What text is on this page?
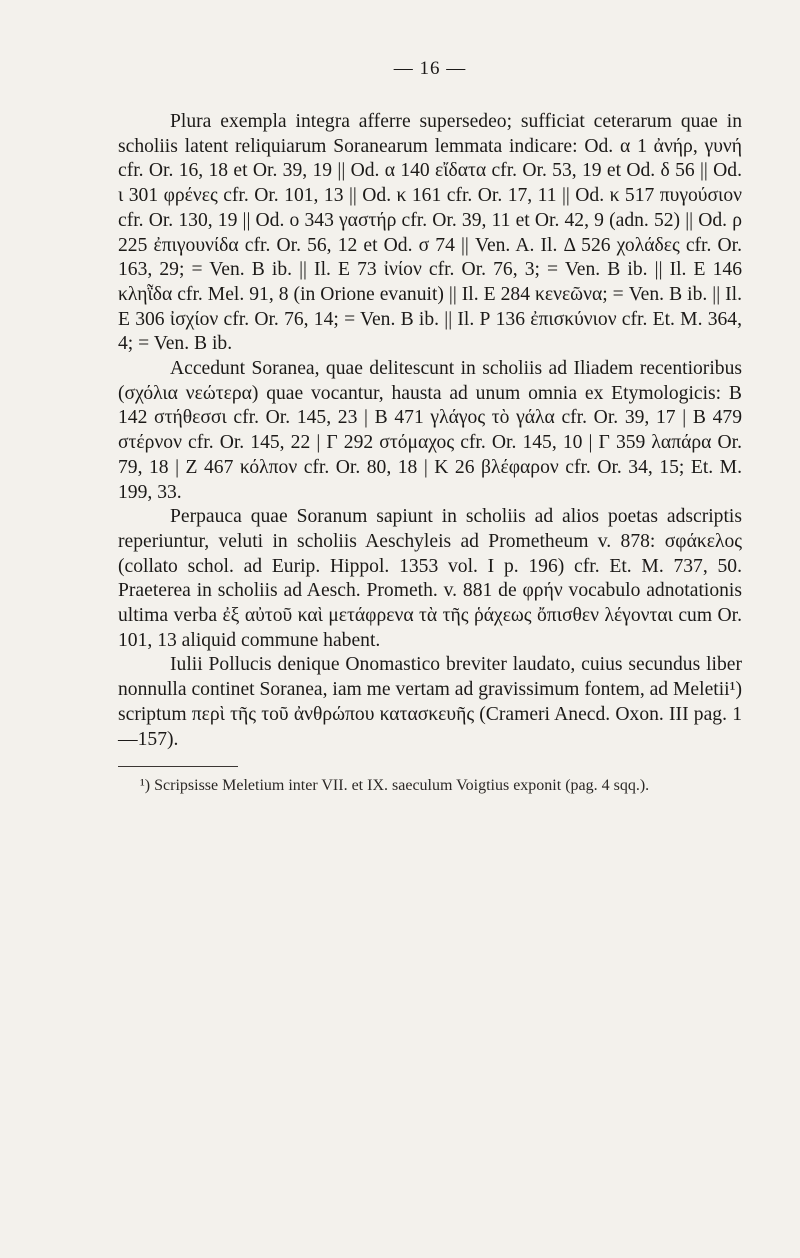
— 16 —

Plura exempla integra afferre supersedeo; sufficiat ceterarum quae in scholiis latent reliquiarum Soranearum lemmata indicare: Od. α 1 ἀνήρ, γυνή cfr. Or. 16, 18 et Or. 39, 19 || Od. α 140 εἴδατα cfr. Or. 53, 19 et Od. δ 56 || Od. ι 301 φρένες cfr. Or. 101, 13 || Od. κ 161 cfr. Or. 17, 11 || Od. κ 517 πυγούσιον cfr. Or. 130, 19 || Od. ο 343 γαστήρ cfr. Or. 39, 11 et Or. 42, 9 (adn. 52) || Od. ρ 225 ἐπιγουνίδα cfr. Or. 56, 12 et Od. σ 74 || Ven. A. Il. Δ 526 χολάδες cfr. Or. 163, 29; = Ven. B ib. || Il. Ε 73 ἰνίον cfr. Or. 76, 3; = Ven. B ib. || Il. Ε 146 κληῗδα cfr. Mel. 91, 8 (in Orione evanuit) || Il. Ε 284 κενεῶνα; = Ven. B ib. || Il. Ε 306 ἰσχίον cfr. Or. 76, 14; = Ven. B ib. || Il. Ρ 136 ἐπισκύνιον cfr. Et. M. 364, 4; = Ven. B ib.

Accedunt Soranea, quae delitescunt in scholiis ad Iliadem recentioribus (σχόλια νεώτερα) quae vocantur, hausta ad unum omnia ex Etymologicis: Β 142 στήθεσσι cfr. Or. 145, 23 | Β 471 γλάγος τὸ γάλα cfr. Or. 39, 17 | Β 479 στέρνον cfr. Or. 145, 22 | Γ 292 στόμαχος cfr. Or. 145, 10 | Γ 359 λαπάρα Or. 79, 18 | Ζ 467 κόλπον cfr. Or. 80, 18 | Κ 26 βλέφαρον cfr. Or. 34, 15; Et. M. 199, 33.

Perpauca quae Soranum sapiunt in scholiis ad alios poetas adscriptis reperiuntur, veluti in scholiis Aeschyleis ad Prometheum v. 878: σφάκελος (collato schol. ad Eurip. Hippol. 1353 vol. I p. 196) cfr. Et. M. 737, 50. Praeterea in scholiis ad Aesch. Prometh. v. 881 de φρήν vocabulo adnotationis ultima verba ἐξ αὐτοῦ καὶ μετάφρενα τὰ τῆς ῥάχεως ὄπισθεν λέγονται cum Or. 101, 13 aliquid commune habent.

Iulii Pollucis denique Onomastico breviter laudato, cuius secundus liber nonnulla continet Soranea, iam me vertam ad gravissimum fontem, ad Meletii¹) scriptum περὶ τῆς τοῦ ἀνθρώπου κατασκευῆς (Crameri Anecd. Oxon. III pag. 1—157).

¹) Scripsisse Meletium inter VII. et IX. saeculum Voigtius exponit (pag. 4 sqq.).
